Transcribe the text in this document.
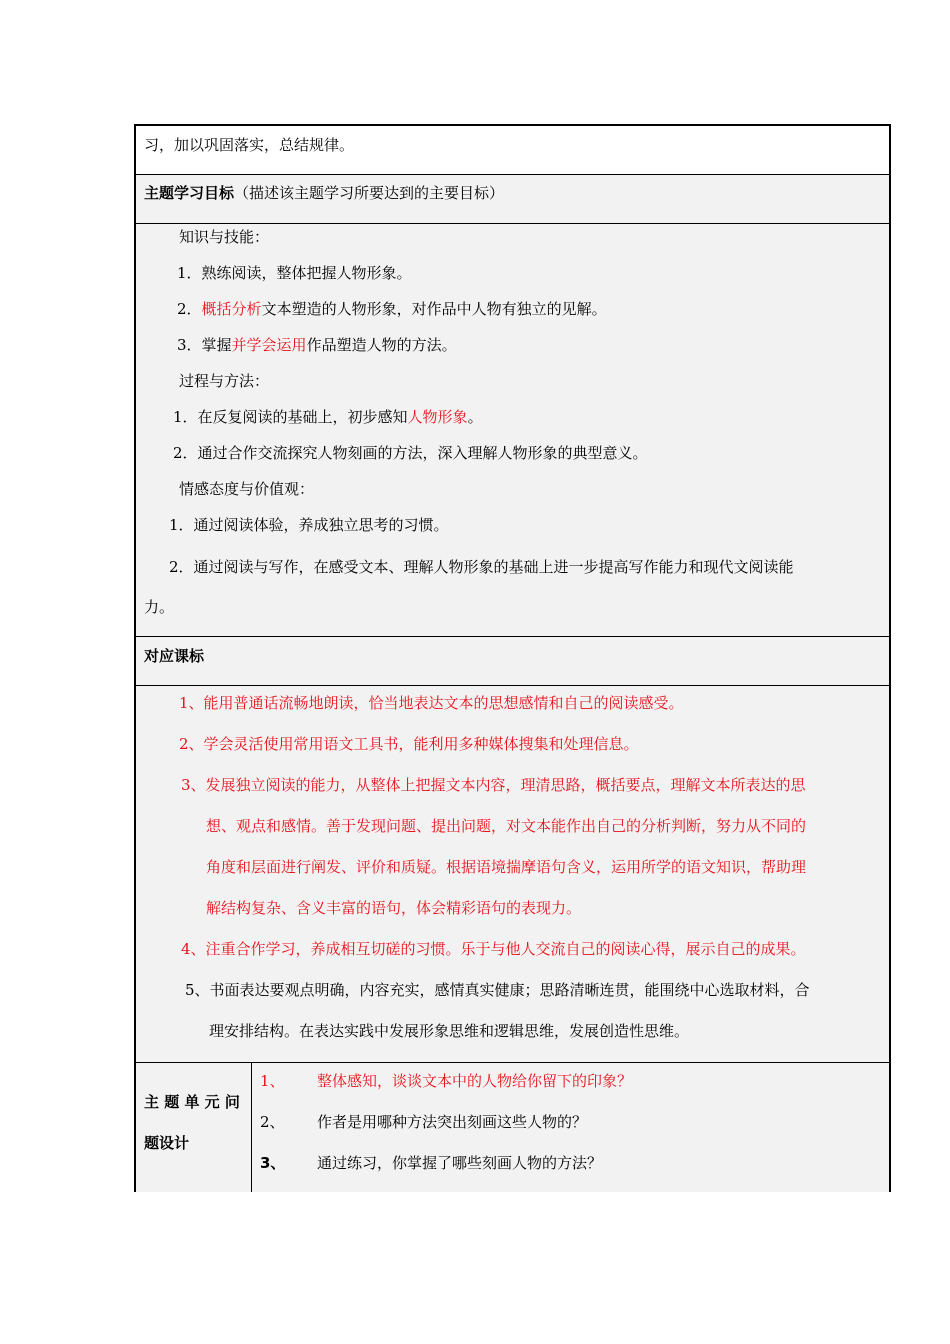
习，加以巩固落实，总结规律。
主题学习目标（描述该主题学习所要达到的主要目标）
知识与技能：
1．熟练阅读，整体把握人物形象。
2．概括分析文本塑造的人物形象，对作品中人物有独立的见解。
3．掌握并学会运用作品塑造人物的方法。
过程与方法：
1．在反复阅读的基础上，初步感知人物形象。
2．通过合作交流探究人物刻画的方法，深入理解人物形象的典型意义。
情感态度与价值观：
1．通过阅读体验，养成独立思考的习惯。
2．通过阅读与写作，在感受文本、理解人物形象的基础上进一步提高写作能力和现代文阅读能
力。
对应课标
1、能用普通话流畅地朗读，恰当地表达文本的思想感情和自己的阅读感受。
2、学会灵活使用常用语文工具书，能利用多种媒体搜集和处理信息。
3、发展独立阅读的能力，从整体上把握文本内容，理清思路，概括要点，理解文本所表达的思
想、观点和感情。善于发现问题、提出问题，对文本能作出自己的分析判断，努力从不同的
角度和层面进行阐发、评价和质疑。根据语境揣摩语句含义，运用所学的语文知识，帮助理
解结构复杂、含义丰富的语句，体会精彩语句的表现力。
4、注重合作学习，养成相互切磋的习惯。乐于与他人交流自己的阅读心得，展示自己的成果。
5、书面表达要观点明确，内容充实，感情真实健康；思路清晰连贯，能围绕中心选取材料，合
理安排结构。在表达实践中发展形象思维和逻辑思维，发展创造性思维。
主 题 单 元 问
题设计
1、 整体感知，谈谈文本中的人物给你留下的印象？
2、 作者是用哪种方法突出刻画这些人物的？
3、 通过练习，你掌握了哪些刻画人物的方法？
